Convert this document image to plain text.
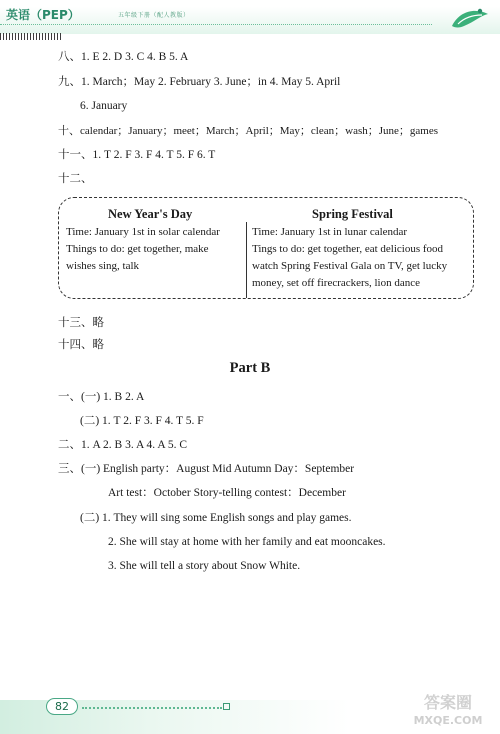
英语（PEP）	五年级下册（配人教版）
八、1. E 2. D 3. C 4. B 5. A
九、1. March；May 2. February 3. June；in 4. May 5. April
6. January
十、calendar；January；meet；March；April；May；clean；wash；June；games
十一、1. T 2. F 3. F 4. T 5. F 6. T
十二、
New Year's Day
Time: January 1st in solar calendar
Things to do: get together, make
wishes sing, talk
Spring Festival
Time: January 1st in lunar calendar
Tings to do: get together, eat delicious food
watch Spring Festival Gala on TV, get lucky
money, set off firecrackers, lion dance
十三、略
十四、略
Part B
一、(一) 1. B 2. A
(二) 1. T 2. F 3. F 4. T 5. F
二、1. A 2. B 3. A 4. A 5. C
三、(一) English party：August Mid Autumn Day：September
Art test：October Story-telling contest：December
(二) 1. They will sing some English songs and play games.
2. She will stay at home with her family and eat mooncakes.
3. She will tell a story about Snow White.
82	答案圈
MXQE.COM
